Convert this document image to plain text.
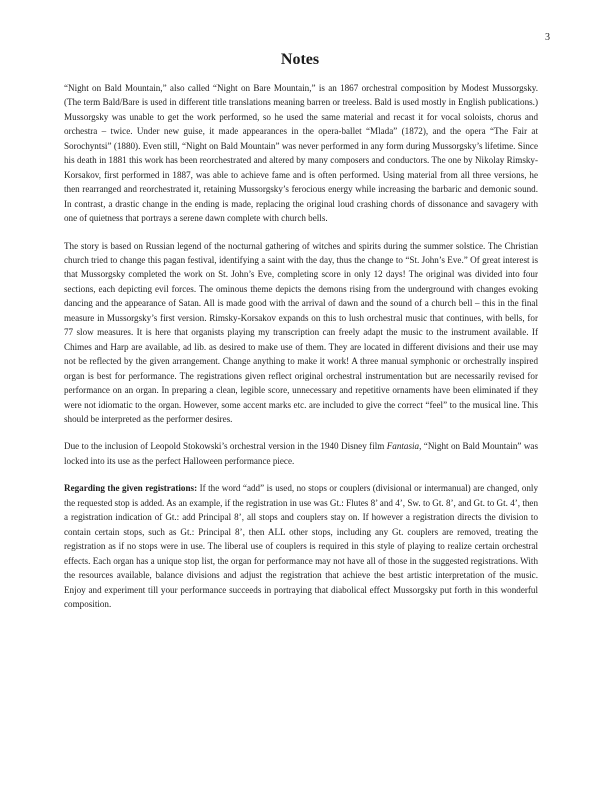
3
Notes

“Night on Bald Mountain,” also called “Night on Bare Mountain,” is an 1867 orchestral composition by Modest Mussorgsky. (The term Bald/Bare is used in different title translations meaning barren or treeless. Bald is used mostly in English publications.) Mussorgsky was unable to get the work performed, so he used the same material and recast it for vocal soloists, chorus and orchestra – twice. Under new guise, it made appearances in the opera-ballet “Mlada” (1872), and the opera “The Fair at Sorochyntsi” (1880). Even still, “Night on Bald Mountain” was never performed in any form during Mussorgsky’s lifetime. Since his death in 1881 this work has been reorchestrated and altered by many composers and conductors. The one by Nikolay Rimsky-Korsakov, first performed in 1887, was able to achieve fame and is often performed. Using material from all three versions, he then rearranged and reorchestrated it, retaining Mussorgsky’s ferocious energy while increasing the barbaric and demonic sound. In contrast, a drastic change in the ending is made, replacing the original loud crashing chords of dissonance and savagery with one of quietness that portrays a serene dawn complete with church bells.

The story is based on Russian legend of the nocturnal gathering of witches and spirits during the summer solstice. The Christian church tried to change this pagan festival, identifying a saint with the day, thus the change to “St. John’s Eve.” Of great interest is that Mussorgsky completed the work on St. John’s Eve, completing score in only 12 days! The original was divided into four sections, each depicting evil forces. The ominous theme depicts the demons rising from the underground with changes evoking dancing and the appearance of Satan. All is made good with the arrival of dawn and the sound of a church bell – this in the final measure in Mussorgsky’s first version. Rimsky-Korsakov expands on this to lush orchestral music that continues, with bells, for 77 slow measures. It is here that organists playing my transcription can freely adapt the music to the instrument available. If Chimes and Harp are available, ad lib. as desired to make use of them. They are located in different divisions and their use may not be reflected by the given arrangement. Change anything to make it work! A three manual symphonic or orchestrally inspired organ is best for performance. The registrations given reflect original orchestral instrumentation but are necessarily revised for performance on an organ. In preparing a clean, legible score, unnecessary and repetitive ornaments have been eliminated if they were not idiomatic to the organ. However, some accent marks etc. are included to give the correct “feel” to the musical line. This should be interpreted as the performer desires.

Due to the inclusion of Leopold Stokowski’s orchestral version in the 1940 Disney film Fantasia, “Night on Bald Mountain” was locked into its use as the perfect Halloween performance piece.

Regarding the given registrations: If the word “add” is used, no stops or couplers (divisional or intermanual) are changed, only the requested stop is added. As an example, if the registration in use was Gt.: Flutes 8’ and 4’, Sw. to Gt. 8’, and Gt. to Gt. 4’, then a registration indication of Gt.: add Principal 8’, all stops and couplers stay on. If however a registration directs the division to contain certain stops, such as Gt.: Principal 8’, then ALL other stops, including any Gt. couplers are removed, treating the registration as if no stops were in use. The liberal use of couplers is required in this style of playing to realize certain orchestral effects. Each organ has a unique stop list, the organ for performance may not have all of those in the suggested registrations. With the resources available, balance divisions and adjust the registration that achieve the best artistic interpretation of the music. Enjoy and experiment till your performance succeeds in portraying that diabolical effect Mussorgsky put forth in this wonderful composition.
